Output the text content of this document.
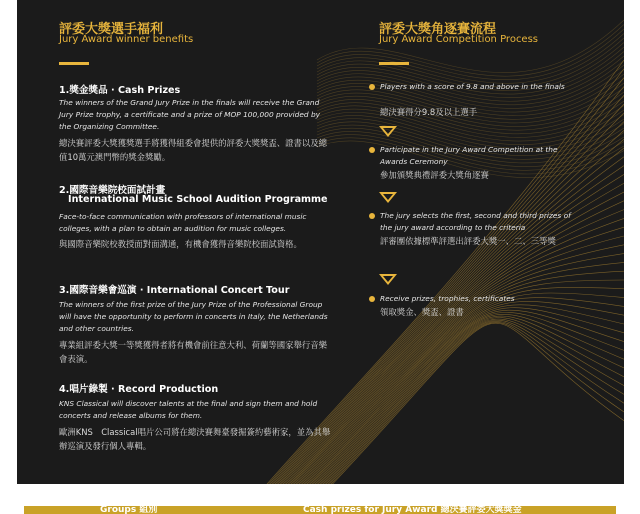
評委大獎選手福利
Jury Award winner benefits
1.獎金獎品 · Cash Prizes
The winners of the Grand Jury Prize in the finals will receive the Grand Jury Prize trophy, a certificate and a prize of MOP 100,000 provided by the Organizing Committee.
總決賽評委大獎獲獎選手將獲得組委會提供的評委大獎獎盃、證書以及總值10萬元澳門幣的獎金獎勵。
2.國際音樂院校面試計畫
International Music School Audition Programme
Face-to-face communication with professors of international music colleges, with a plan to obtain an audition for music colleges.
與國際音樂院校教授面對面溝通，有機會獲得音樂院校面試資格。
3.國際音樂會巡演 · International Concert Tour
The winners of the first prize of the Jury Prize of the Professional Group will have the opportunity to perform in concerts in Italy, the Netherlands and other countries.
專業組評委大獎一等獎獲得者將有機會前往意大利、荷蘭等國家舉行音樂會表演。
4.唱片錄製 · Record Production
KNS Classical will discover talents at the final and sign them and hold concerts and release albums for them.
歐洲KNS　Classical唱片公司將在總決賽舞臺發掘簽約藝術家，並為其舉辦巡演及發行個人專輯。
評委大獎角逐賽流程
Jury Award Competition Process
Players with a score of 9.8 and above in the finals
總決賽得分9.8及以上選手
Participate in the Jury Award Competition at the Awards Ceremony
參加頒獎典禮評委大獎角逐賽
The jury selects the first, second and third prizes of the jury award according to the criteria
評審團依據標準評選出評委大獎一、二、三等獎
Receive prizes, trophies, certificates
領取獎金、獎盃、證書
Groups 組別	Cash prizes for Jury Award 總決賽評委大獎獎金
